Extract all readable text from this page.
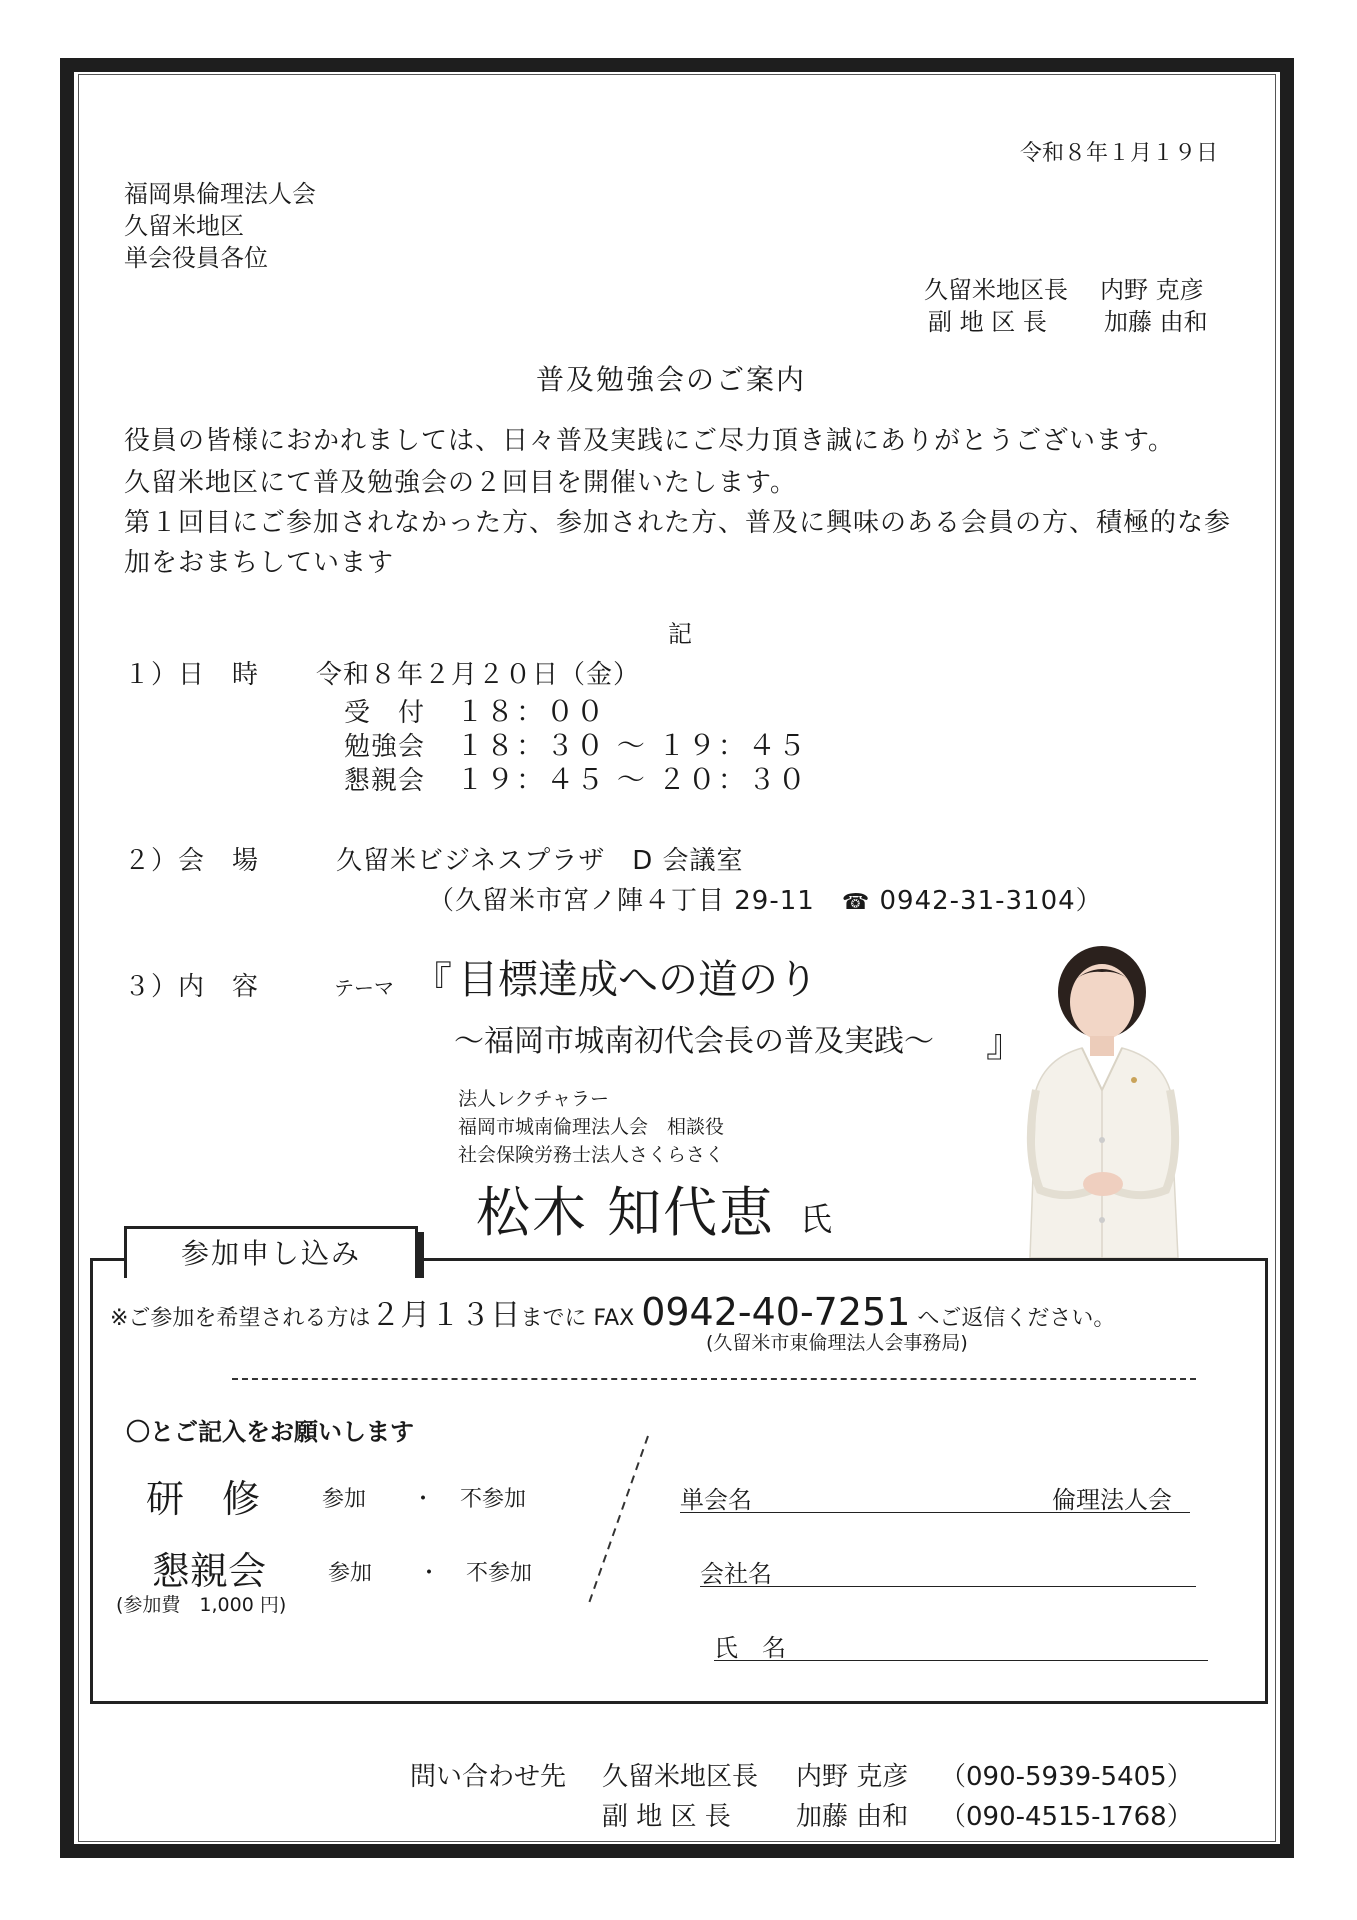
令和８年１月１９日
福岡県倫理法人会
久留米地区
単会役員各位
久留米地区長 内野 克彦
副 地 区 長 加藤 由和
普及勉強会のご案内
役員の皆様におかれましては、日々普及実践にご尽力頂き誠にありがとうございます。
久留米地区にて普及勉強会の２回目を開催いたします。
第１回目にご参加されなかった方、参加された方、普及に興味のある会員の方、積極的な参
加をおまちしています
記
１）日　時 令和８年２月２０日（金）
受　付 １８：００
勉強会 １８：３０ ～ １９：４５
懇親会 １９：４５ ～ ２０：３０
２）会　場	久留米ビジネスプラザ　D 会議室
（久留米市宮ノ陣４丁目 29-11　☎ 0942-31-3104）
３）内　容	テーマ 『 目標達成への道のり
～福岡市城南初代会長の普及実践～ 』
法人レクチャラー
福岡市城南倫理法人会　相談役
社会保険労務士法人さくらさく
松木 知代恵 氏
参加申し込み
※ご参加を希望される方は２月１３日までに FAX 0942-40-7251 へご返信ください。
(久留米市東倫理法人会事務局)
〇とご記入をお願いします
研　修	参加 ・ 不参加
懇親会	参加 ・ 不参加
(参加費　1,000 円)
単会名	倫理法人会
会社名
氏　名
問い合わせ先 久留米地区長 内野 克彦 （090-5939-5405）
副 地 区 長	加藤 由和 （090-4515-1768）
